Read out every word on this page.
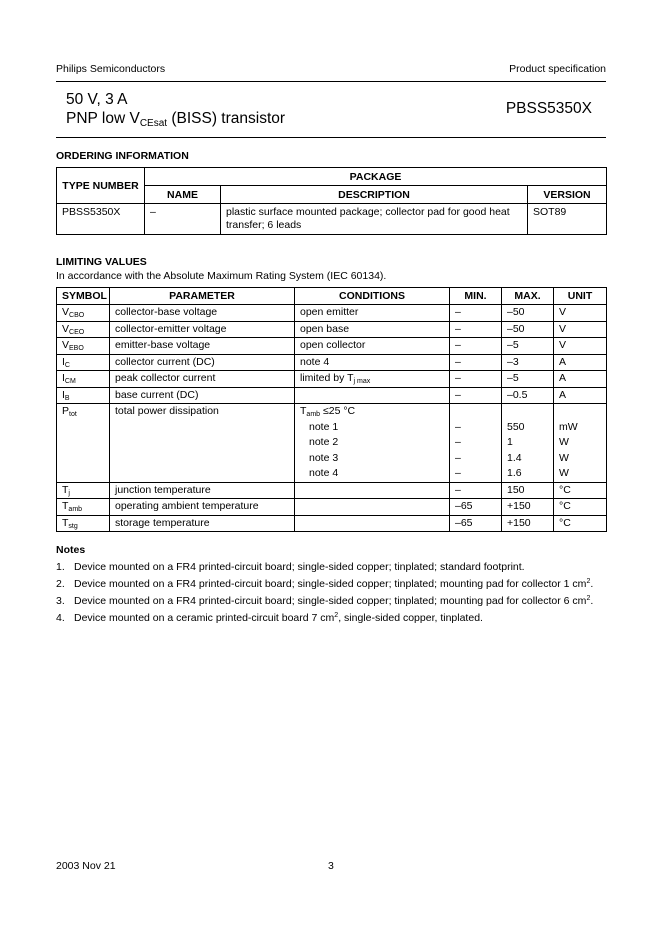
Philips Semiconductors	Product specification
50 V, 3 A
PNP low $V_{CEsat}$ (BISS) transistor
PBSS5350X
ORDERING INFORMATION
TYPE NUMBER	PACKAGE		
	NAME	DESCRIPTION	VERSION
PBSS5350X	–	plastic surface mounted package; collector pad for good heat transfer; 6 leads	SOT89
LIMITING VALUES
In accordance with the Absolute Maximum Rating System (IEC 60134).
SYMBOL	PARAMETER	CONDITIONS	MIN.	MAX.	UNIT
$V_{CBO}$	collector-base voltage	open emitter	–	–50	V
$V_{CEO}$	collector-emitter voltage	open base	–	–50	V
$V_{EBO}$	emitter-base voltage	open collector	–	–5	V
$I_C$	collector current (DC)	note 4	–	–3	A
$I_{CM}$	peak collector current	limited by $T_{j max}$	–	–5	A
$I_B$	base current (DC)		–	–0.5	A
$P_{tot}$	total power dissipation	$T_{amb} \le 25$ °C			
		note 1	–	550	mW
		note 2	–	1	W
		note 3	–	1.4	W
		note 4	–	1.6	W
$T_j$	junction temperature		–	150	°C
$T_{amb}$	operating ambient temperature		–65	+150	°C
$T_{stg}$	storage temperature		–65	+150	°C
Notes
1. Device mounted on a FR4 printed-circuit board; single-sided copper; tinplated; standard footprint.
2. Device mounted on a FR4 printed-circuit board; single-sided copper; tinplated; mounting pad for collector 1 $cm^2$.
3. Device mounted on a FR4 printed-circuit board; single-sided copper; tinplated; mounting pad for collector 6 $cm^2$.
4. Device mounted on a ceramic printed-circuit board 7 $cm^2$, single-sided copper, tinplated.
2003 Nov 21	3
